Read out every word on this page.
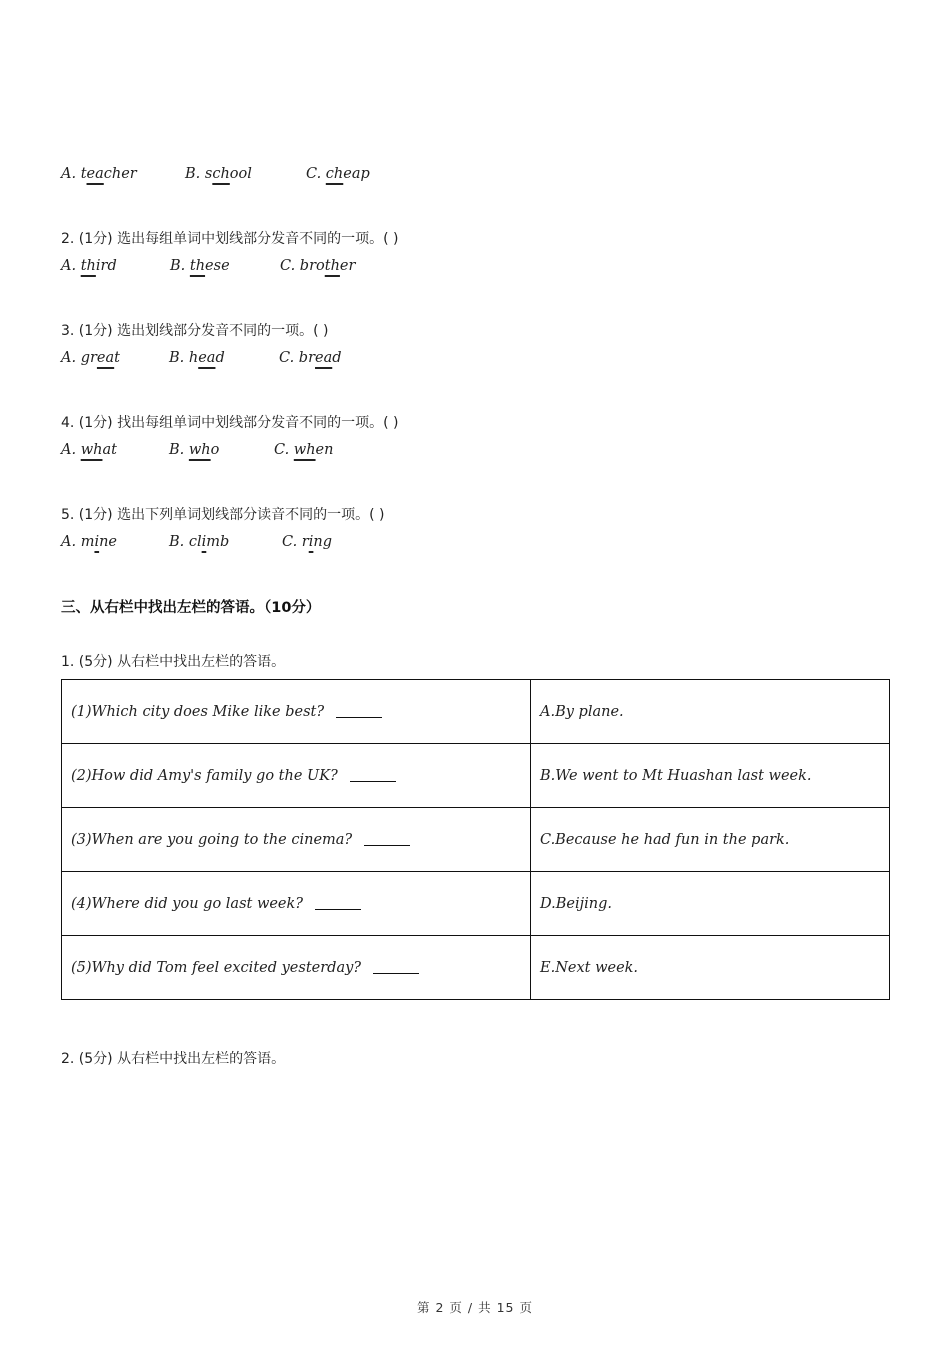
A. teacher	B. school	C. cheap
2. (1分) 选出每组单词中划线部分发音不同的一项。( )
A. third	B. these	C. brother
3. (1分) 选出划线部分发音不同的一项。( )
A. great	B. head	C. bread
4. (1分) 找出每组单词中划线部分发音不同的一项。( )
A. what	B. who	C. when
5. (1分) 选出下列单词划线部分读音不同的一项。( )
A. mine	B. climb	C. ring
三、从右栏中找出左栏的答语。（10分）
1. (5分) 从右栏中找出左栏的答语。
(1)Which city does Mike like best?	A.By plane.
(2)How did Amy's family go the UK?	B.We went to Mt Huashan last week.
(3)When are you going to the cinema?	C.Because he had fun in the park.
(4)Where did you go last week?	D.Beijing.
(5)Why did Tom feel excited yesterday?	E.Next week.
2. (5分) 从右栏中找出左栏的答语。
第 2 页 / 共 15 页
